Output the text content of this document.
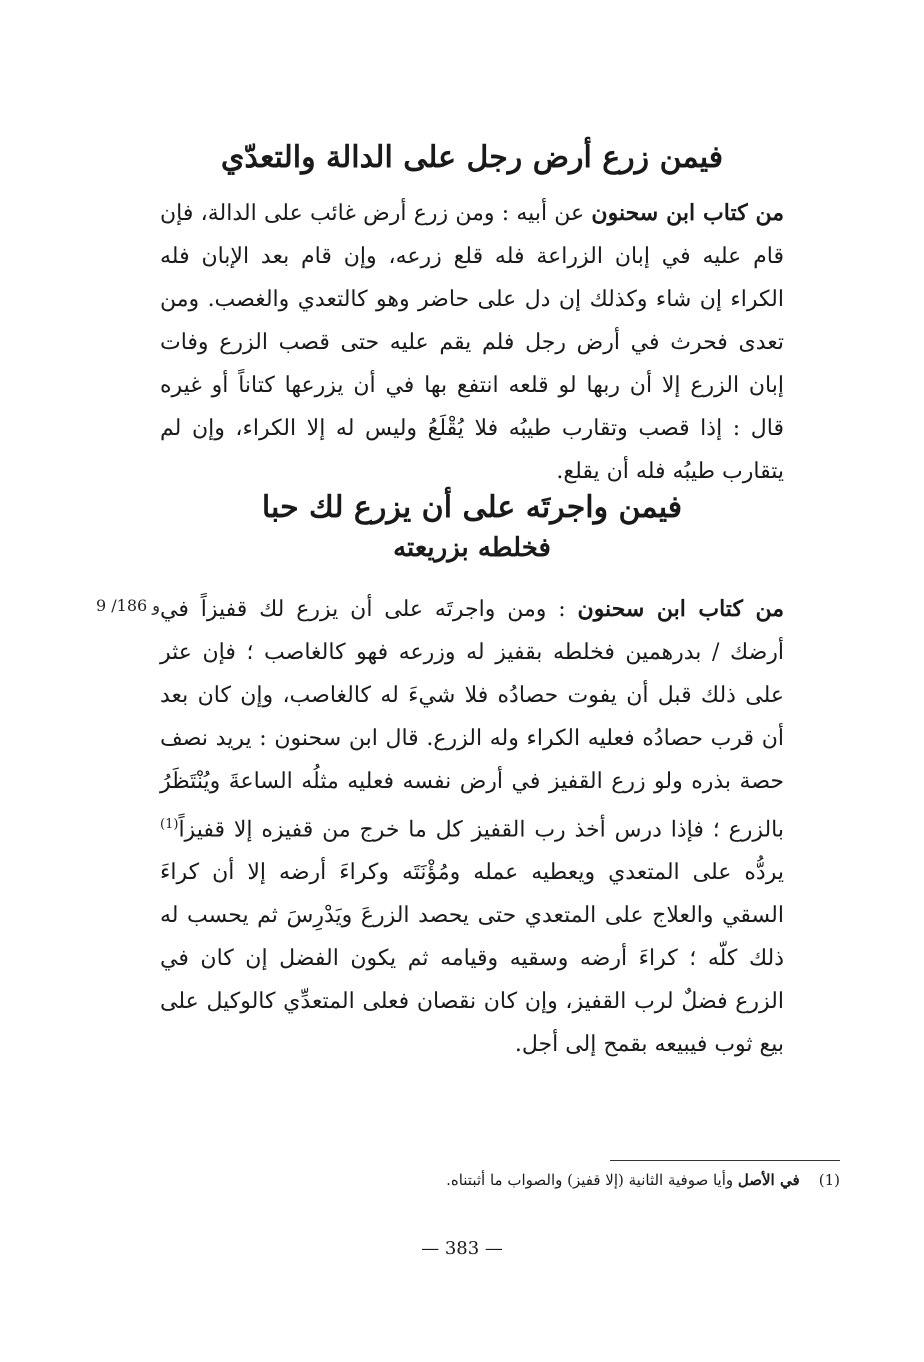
فيمن زرع أرض رجل على الدالة والتعدّي
من كتاب ابن سحنون عن أبيه : ومن زرع أرض غائب على الدالة، فإن قام عليه في إبان الزراعة فله قلع زرعه، وإن قام بعد الإبان فله الكراء إن شاء وكذلك إن دل على حاضر وهو كالتعدي والغصب. ومن تعدى فحرث في أرض رجل فلم يقم عليه حتى قصب الزرع وفات إبان الزرع إلا أن ربها لو قلعه انتفع بها في أن يزرعها كتاناً أو غيره قال : إذا قصب وتقارب طيبُه فلا يُقْلَعُ وليس له إلا الكراء، وإن لم يتقارب طيبُه فله أن يقلع.
فيمن واجرتَه على أن يزرع لك حبا
فخلطه بزريعته
9 /186 و	من كتاب ابن سحنون : ومن واجرتَه على أن يزرع لك قفيزاً في أرضك / بدرهمين فخلطه بقفيز له وزرعه فهو كالغاصب ؛ فإن عثر على ذلك قبل أن يفوت حصادُه فلا شيءَ له كالغاصب، وإن كان بعد أن قرب حصادُه فعليه الكراء وله الزرع. قال ابن سحنون : يريد نصف حصة بذره ولو زرع القفيز في أرض نفسه فعليه مثلُه الساعةَ ويُنْتَظَرُ بالزرع ؛ فإذا درس أخذ رب القفيز كل ما خرج من قفيزه إلا قفيزاً$^{(1)}$ يردُّه على المتعدي ويعطيه عمله ومُؤْنَتَه وكراءَ أرضه إلا أن كراءَ السقي والعلاج على المتعدي حتى يحصد الزرعَ ويَدْرِسَ ثم يحسب له ذلك كلّه ؛ كراءَ أرضه وسقيه وقيامه ثم يكون الفضل إن كان في الزرع فضلٌ لرب القفيز، وإن كان نقصان فعلى المتعدِّي كالوكيل على بيع ثوب فيبيعه بقمح إلى أجل.
(1)    في الأصل وأيا صوفية الثانية (إلا قفيز) والصواب ما أثبتناه.
— 383 —
